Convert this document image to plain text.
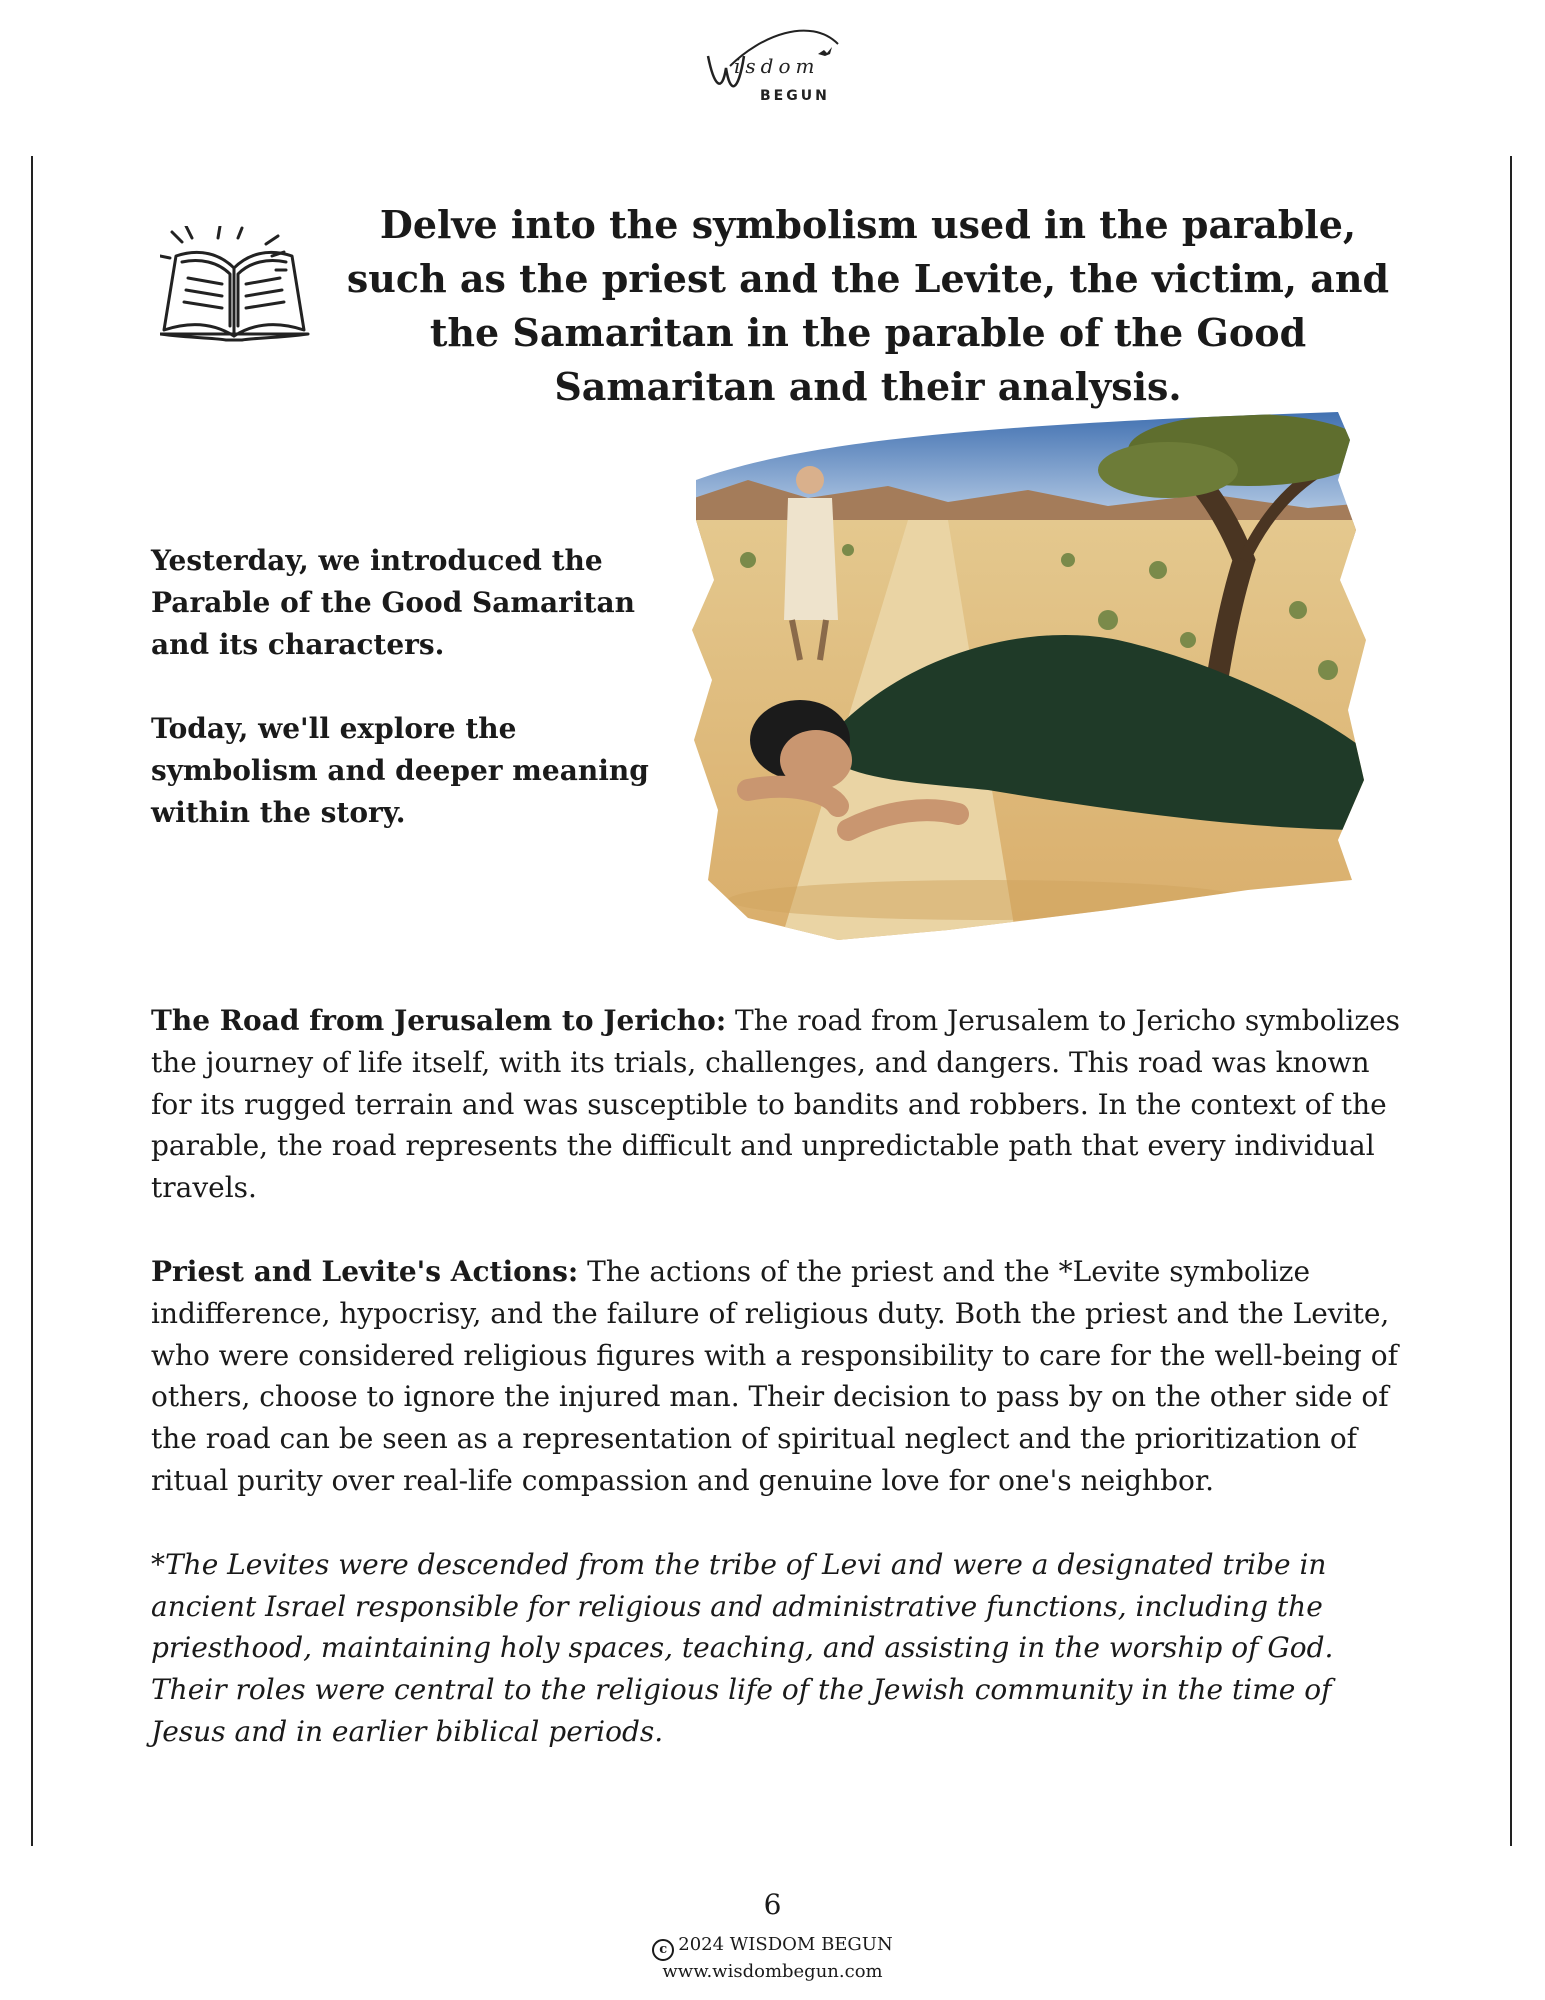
isdom
BEGUN
Delve into the symbolism used in the parable, such as the priest and the Levite, the victim, and the Samaritan in the parable of the Good Samaritan and their analysis.

Yesterday, we introduced the Parable of the Good Samaritan and its characters.

Today, we'll explore the symbolism and deeper meaning within the story.

The Road from Jerusalem to Jericho: The road from Jerusalem to Jericho symbolizes the journey of life itself, with its trials, challenges, and dangers. This road was known for its rugged terrain and was susceptible to bandits and robbers. In the context of the parable, the road represents the difficult and unpredictable path that every individual travels.

Priest and Levite's Actions: The actions of the priest and the *Levite symbolize indifference, hypocrisy, and the failure of religious duty. Both the priest and the Levite, who were considered religious figures with a responsibility to care for the well-being of others, choose to ignore the injured man. Their decision to pass by on the other side of the road can be seen as a representation of spiritual neglect and the prioritization of ritual purity over real-life compassion and genuine love for one's neighbor.

*The Levites were descended from the tribe of Levi and were a designated tribe in ancient Israel responsible for religious and administrative functions, including the priesthood, maintaining holy spaces, teaching, and assisting in the worship of God. Their roles were central to the religious life of the Jewish community in the time of Jesus and in earlier biblical periods.

6
c 2024 WISDOM BEGUN
www.wisdombegun.com
